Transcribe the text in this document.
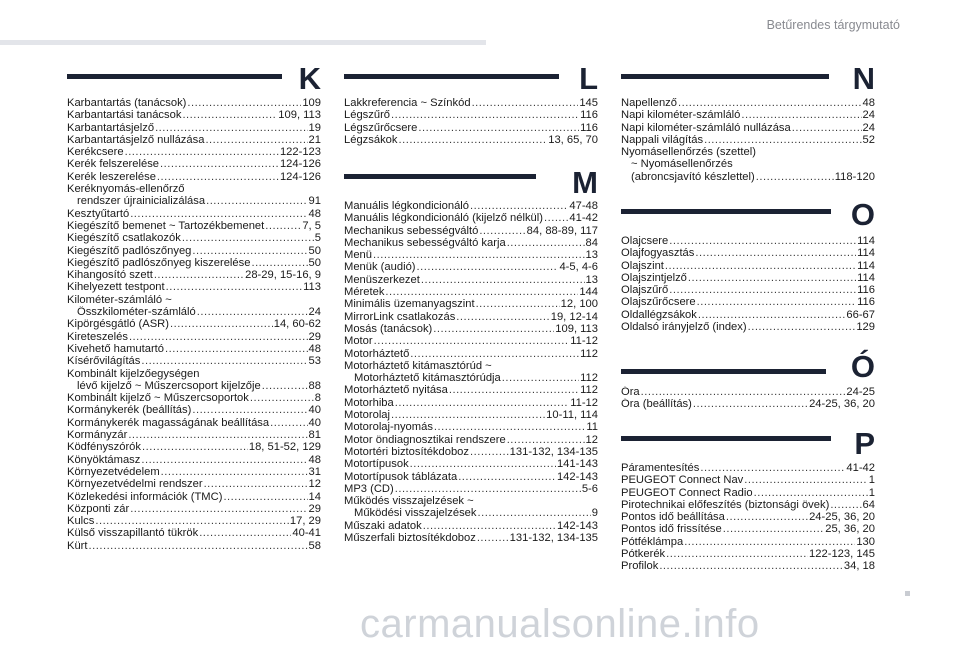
Betűrendes tárgymutató
K
Karbantartás (tanácsok) .....	109
Karbantartási tanácsok .....	109, 113
Karbantartásjelző .....	19
Karbantartásjelző nullázása .....	21
Kerékcsere .....	122-123
Kerék felszerelése .....	124-126
Kerék leszerelése .....	124-126
Keréknyomás-ellenőrző
rendszer újrainicializálása .....	91
Kesztyűtartó .....	48
Kiegészítő bemenet ~ Tartozékbemenet .....	7, 5
Kiegészítő csatlakozók .....	5
Kiegészítő padlószőnyeg .....	50
Kiegészítő padlószőnyeg kiszerelése .....	50
Kihangosító szett .....	28-29, 15-16, 9
Kihelyezett testpont .....	113
Kilométer-számláló ~
Összkilométer-számláló .....	24
Kipörgésgátló (ASR) .....	14, 60-62
Kireteszelés .....	29
Kivehető hamutartó .....	48
Kísérővilágítás .....	53
Kombinált kijelzőegységen
lévő kijelző ~ Műszercsoport kijelzője .....	88
Kombinált kijelző ~ Műszercsoportok .....	8
Kormánykerék (beállítás) .....	40
Kormánykerék magasságának beállítása .....	40
Kormányzár .....	81
Ködfényszórók .....	18, 51-52, 129
Könyöktámasz .....	48
Környezetvédelem .....	31
Környezetvédelmi rendszer .....	12
Közlekedési információk (TMC) .....	14
Központi zár .....	29
Kulcs .....	17, 29
Külső visszapillantó tükrök .....	40-41
Kürt .....	58
L
Lakkreferencia ~ Színkód .....	145
Légszűrő .....	116
Légszűrőcsere .....	116
Légzsákok .....	13, 65, 70
M
Manuális légkondicionáló .....	47-48
Manuális légkondicionáló (kijelző nélkül) ..... 41-42
Mechanikus sebességváltó .....	84, 88-89, 117
Mechanikus sebességváltó karja .....	84
Menü .....	13
Menük (audió) .....	4-5, 4-6
Menüszerkezet .....	13
Méretek .....	144
Minimális üzemanyagszint .....	12, 100
MirrorLink csatlakozás .....	19, 12-14
Mosás (tanácsok) .....	109, 113
Motor .....	11-12
Motorháztető .....	112
Motorháztető kitámasztórúd ~
Motorháztető kitámasztórúdja .....	112
Motorháztető nyitása .....	112
Motorhiba .....	11-12
Motorolaj .....	10-11, 114
Motorolaj-nyomás .....	11
Motor öndiagnosztikai rendszere .....	12
Motortéri biztosítékdoboz .....	131-132, 134-135
Motortípusok .....	141-143
Motortípusok táblázata .....	142-143
MP3 (CD) .....	5-6
Működés visszajelzések ~
Működési visszajelzések .....	9
Műszaki adatok .....	142-143
Műszerfali biztosítékdoboz .....	131-132, 134-135
N
Napellenző .....	48
Napi kilométer-számláló .....	24
Napi kilométer-számláló nullázása .....	24
Nappali világítás .....	52
Nyomásellenőrzés (szettel)
~ Nyomásellenőrzés
(abroncsjavító készlettel) .....	118-120
O
Olajcsere .....	114
Olajfogyasztás .....	114
Olajszint .....	114
Olajszintjelző .....	114
Olajszűrő .....	116
Olajszűrőcsere .....	116
Oldallégzsákok .....	66-67
Oldalsó irányjelző (index) .....	129
Ó
Óra .....	24-25
Óra (beállítás) .....	24-25, 36, 20
P
Páramentesítés .....	41-42
PEUGEOT Connect Nav .....	1
PEUGEOT Connect Radio .....	1
Pirotechnikai előfeszítés (biztonsági övek) .....	64
Pontos idő beállítása .....	24-25, 36, 20
Pontos idő frissítése .....	25, 36, 20
Pótféklámpa .....	130
Pótkerék .....	122-123, 145
Profilok .....	34, 18
carmanualsonline.info
